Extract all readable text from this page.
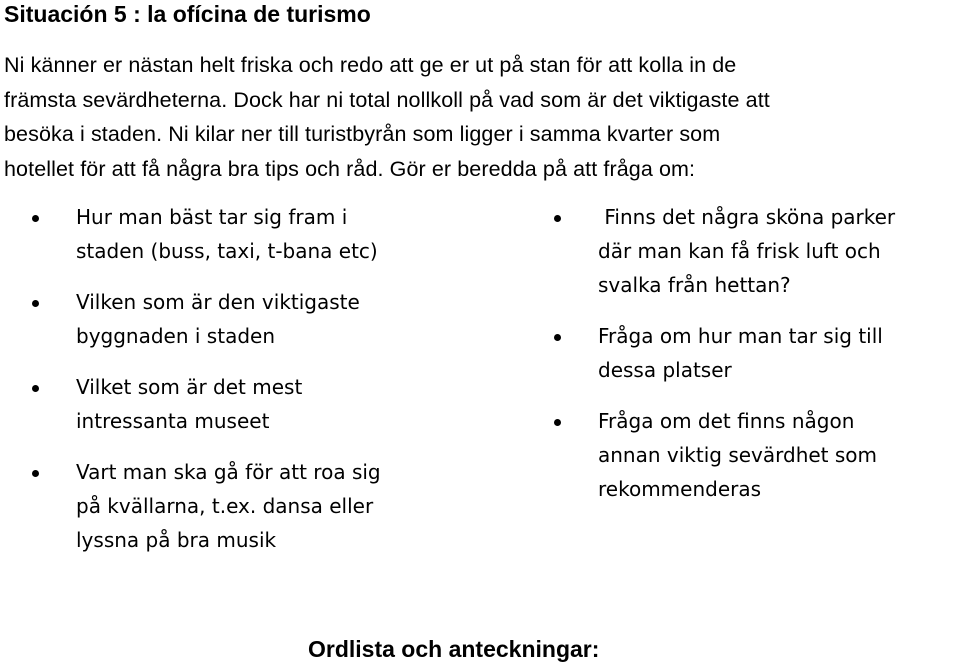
Situación 5 : la ofícina de turismo

Ni känner er nästan helt friska och redo att ge er ut på stan för att kolla in de
främsta sevärdheterna. Dock har ni total nollkoll på vad som är det viktigaste att
besöka i staden. Ni kilar ner till turistbyrån som ligger i samma kvarter som
hotellet för att få några bra tips och råd. Gör er beredda på att fråga om:

Hur man bäst tar sig fram i
staden (buss, taxi, t-bana etc)
Vilken som är den viktigaste
byggnaden i staden
Vilket som är det mest
intressanta museet
Vart man ska gå för att roa sig
på kvällarna, t.ex. dansa eller
lyssna på bra musik
Finns det några sköna parker
där man kan få frisk luft och
svalka från hettan?
Fråga om hur man tar sig till
dessa platser
Fråga om det finns någon
annan viktig sevärdhet som
rekommenderas
Ordlista och anteckningar:
